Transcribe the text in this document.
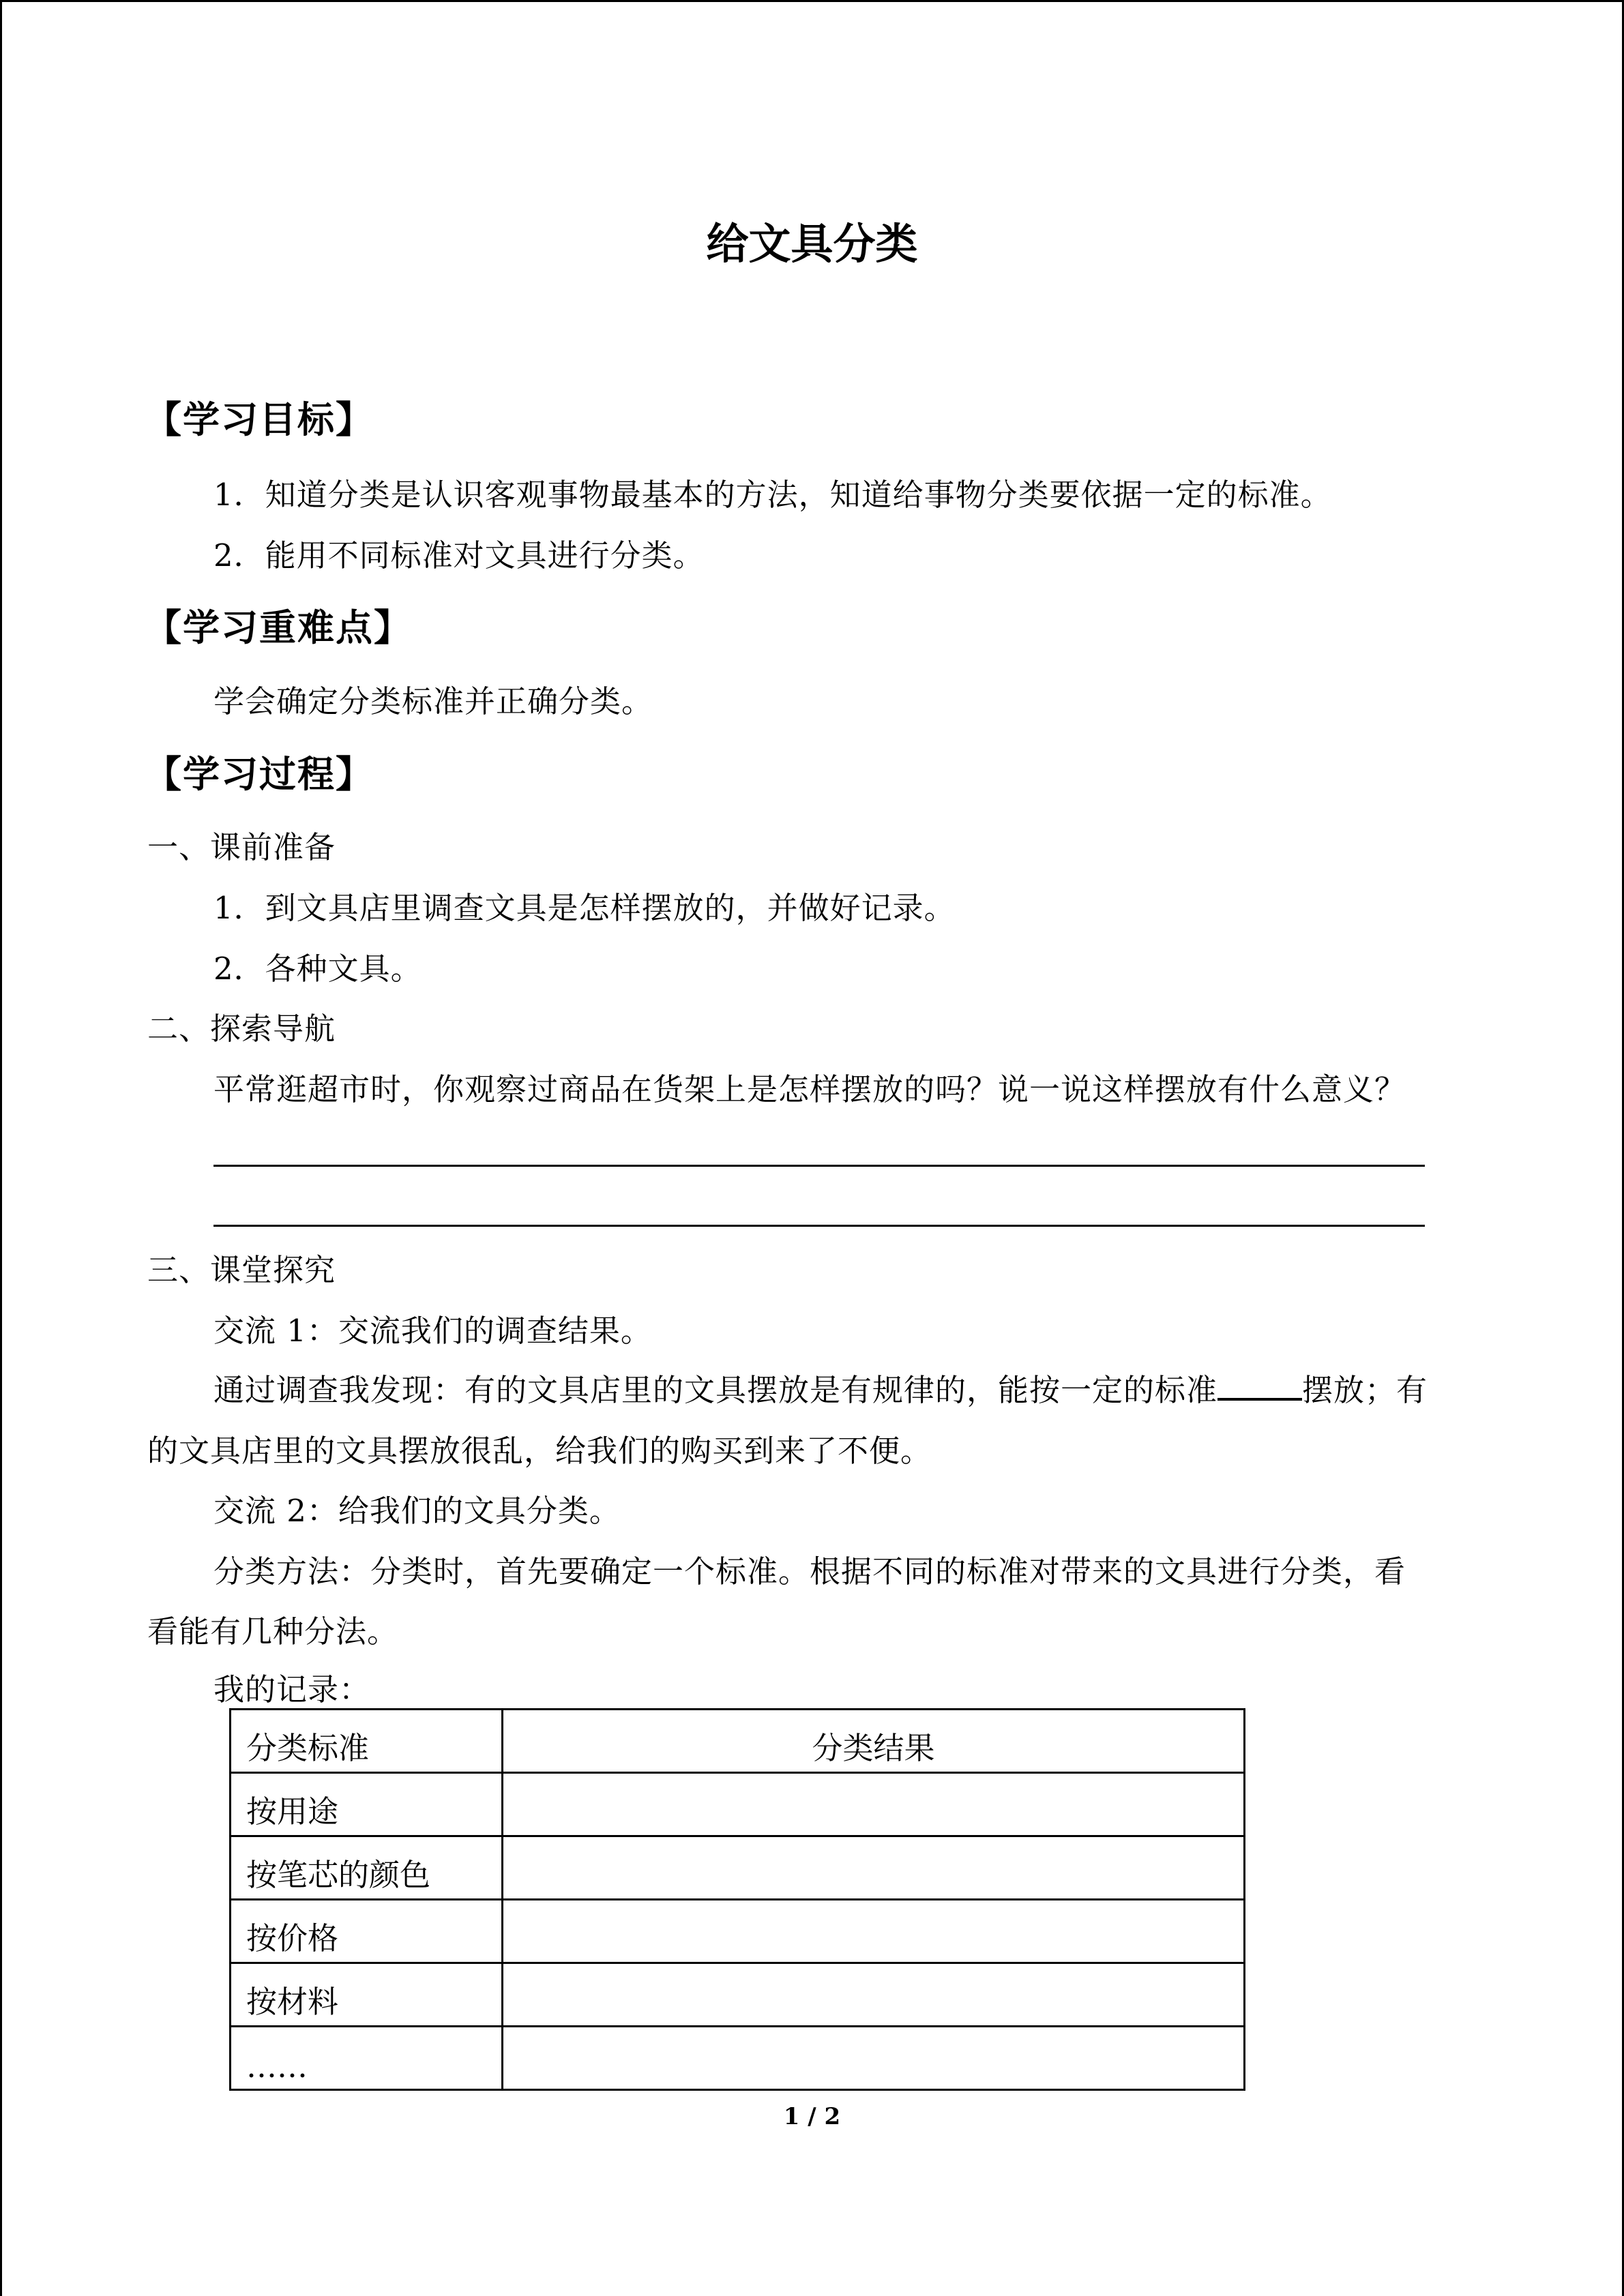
给文具分类
【学习目标】
1．知道分类是认识客观事物最基本的方法，知道给事物分类要依据一定的标准。
2．能用不同标准对文具进行分类。
【学习重难点】
学会确定分类标准并正确分类。
【学习过程】
一、课前准备
1．到文具店里调查文具是怎样摆放的，并做好记录。
2．各种文具。
二、探索导航
平常逛超市时，你观察过商品在货架上是怎样摆放的吗？说一说这样摆放有什么意义？
三、课堂探究
交流 1：交流我们的调查结果。
通过调查我发现：有的文具店里的文具摆放是有规律的，能按一定的标准	摆放；有
的文具店里的文具摆放很乱，给我们的购买到来了不便。
交流 2：给我们的文具分类。
分类方法：分类时，首先要确定一个标准。根据不同的标准对带来的文具进行分类，看
看能有几种分法。
我的记录：
分类标准	分类结果
按用途	
按笔芯的颜色	
按价格	
按材料	
……	
1 / 2
